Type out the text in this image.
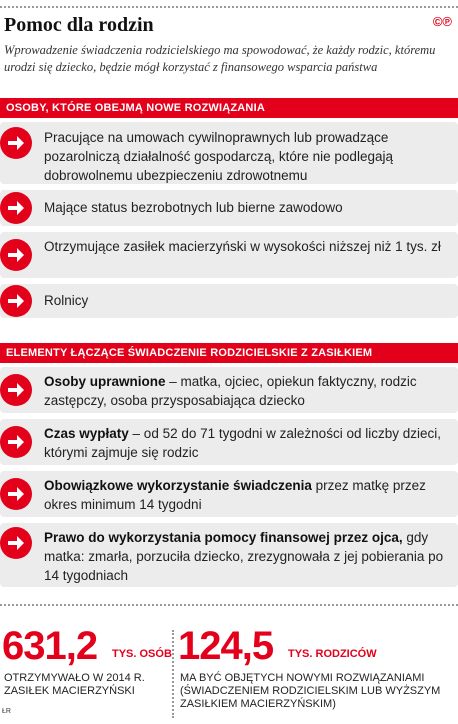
Pomoc dla rodzin	©℗
Wprowadzenie świadczenia rodzicielskiego ma spowodować, że każdy rodzic, któremu urodzi się dziecko, będzie mógł korzystać z finansowego wsparcia państwa
OSOBY, KTÓRE OBEJMĄ NOWE ROZWIĄZANIA
Pracujące na umowach cywilnoprawnych lub prowadzące pozarolniczą działalność gospodarczą, które nie podlegają dobrowolnemu ubezpieczeniu zdrowotnemu
Mające status bezrobotnych lub bierne zawodowo
Otrzymujące zasiłek macierzyński w wysokości niższej niż 1 tys. zł
Rolnicy
ELEMENTY ŁĄCZĄCE ŚWIADCZENIE RODZICIELSKIE Z ZASIŁKIEM
Osoby uprawnione – matka, ojciec, opiekun faktyczny, rodzic zastępczy, osoba przysposabiająca dziecko
Czas wypłaty – od 52 do 71 tygodni w zależności od liczby dzieci, którymi zajmuje się rodzic
Obowiązkowe wykorzystanie świadczenia przez matkę przez okres minimum 14 tygodni
Prawo do wykorzystania pomocy finansowej przez ojca, gdy matka: zmarła, porzuciła dziecko, zrezygnowała z jej pobierania po 14 tygodniach
631,2 TYS. OSÓB
OTRZYMYWAŁO W 2014 R. ZASIŁEK MACIERZYŃSKI
124,5 TYS. RODZICÓW
MA BYĆ OBJĘTYCH NOWYMI ROZWIĄZANIAMI (ŚWIADCZENIEM RODZICIELSKIM LUB WYŻSZYM ZASIŁKIEM MACIERZYŃSKIM)
ŁR
